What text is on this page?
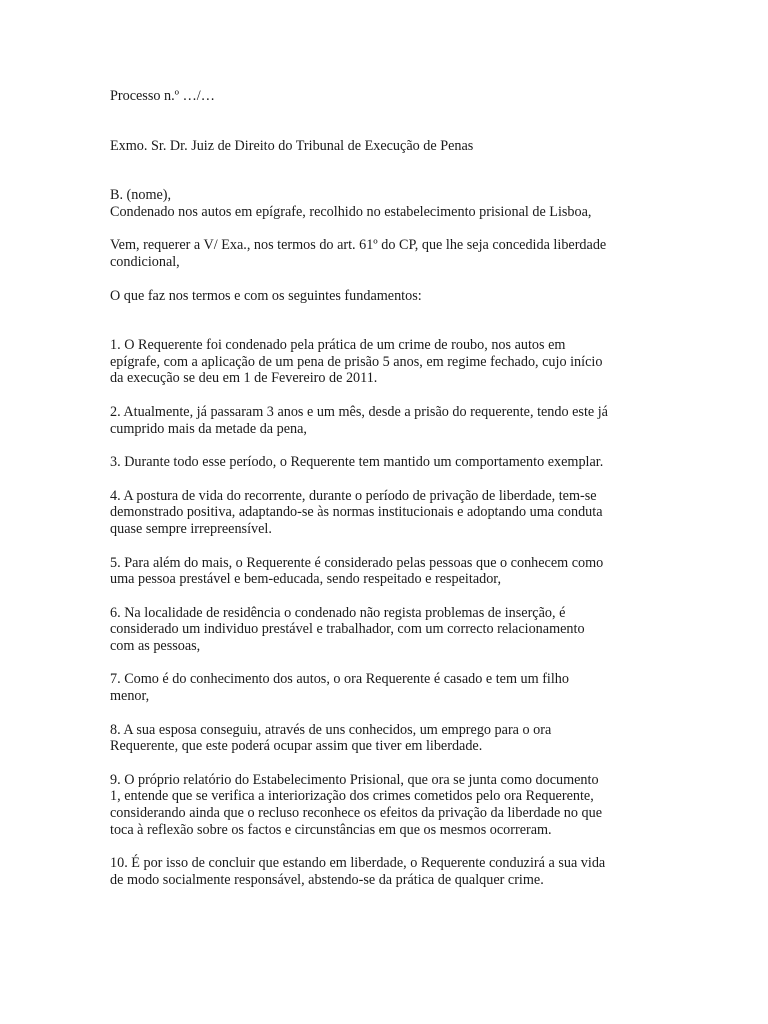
Processo n.º …/…

Exmo. Sr. Dr. Juiz de Direito do Tribunal de Execução de Penas

B. (nome),
Condenado nos autos em epígrafe, recolhido no estabelecimento prisional de Lisboa,
Vem, requerer a V/ Exa., nos termos do art. 61º do CP, que lhe seja concedida liberdade
condicional,

O que faz nos termos e com os seguintes fundamentos:

1. O Requerente foi condenado pela prática de um crime de roubo, nos autos em
epígrafe, com a aplicação de um pena de prisão 5 anos, em regime fechado, cujo início
da execução se deu em 1 de Fevereiro de 2011.
2. Atualmente, já passaram 3 anos e um mês, desde a prisão do requerente, tendo este já
cumprido mais da metade da pena,
3. Durante todo esse período, o Requerente tem mantido um comportamento exemplar.
4. A postura de vida do recorrente, durante o período de privação de liberdade, tem-se
demonstrado positiva, adaptando-se às normas institucionais e adoptando uma conduta
quase sempre irrepreensível.
5. Para além do mais, o Requerente é considerado pelas pessoas que o conhecem como
uma pessoa prestável e bem-educada, sendo respeitado e respeitador,
6. Na localidade de residência o condenado não regista problemas de inserção, é
considerado um individuo prestável e trabalhador, com um correcto relacionamento
com as pessoas,
7. Como é do conhecimento dos autos, o ora Requerente é casado e tem um filho
menor,
8. A sua esposa conseguiu, através de uns conhecidos, um emprego para o ora
Requerente, que este poderá ocupar assim que tiver em liberdade.
9. O próprio relatório do Estabelecimento Prisional, que ora se junta como documento
1, entende que se verifica a interiorização dos crimes cometidos pelo ora Requerente,
considerando ainda que o recluso reconhece os efeitos da privação da liberdade no que
toca à reflexão sobre os factos e circunstâncias em que os mesmos ocorreram.
10. É por isso de concluir que estando em liberdade, o Requerente conduzirá a sua vida
de modo socialmente responsável, abstendo-se da prática de qualquer crime.
